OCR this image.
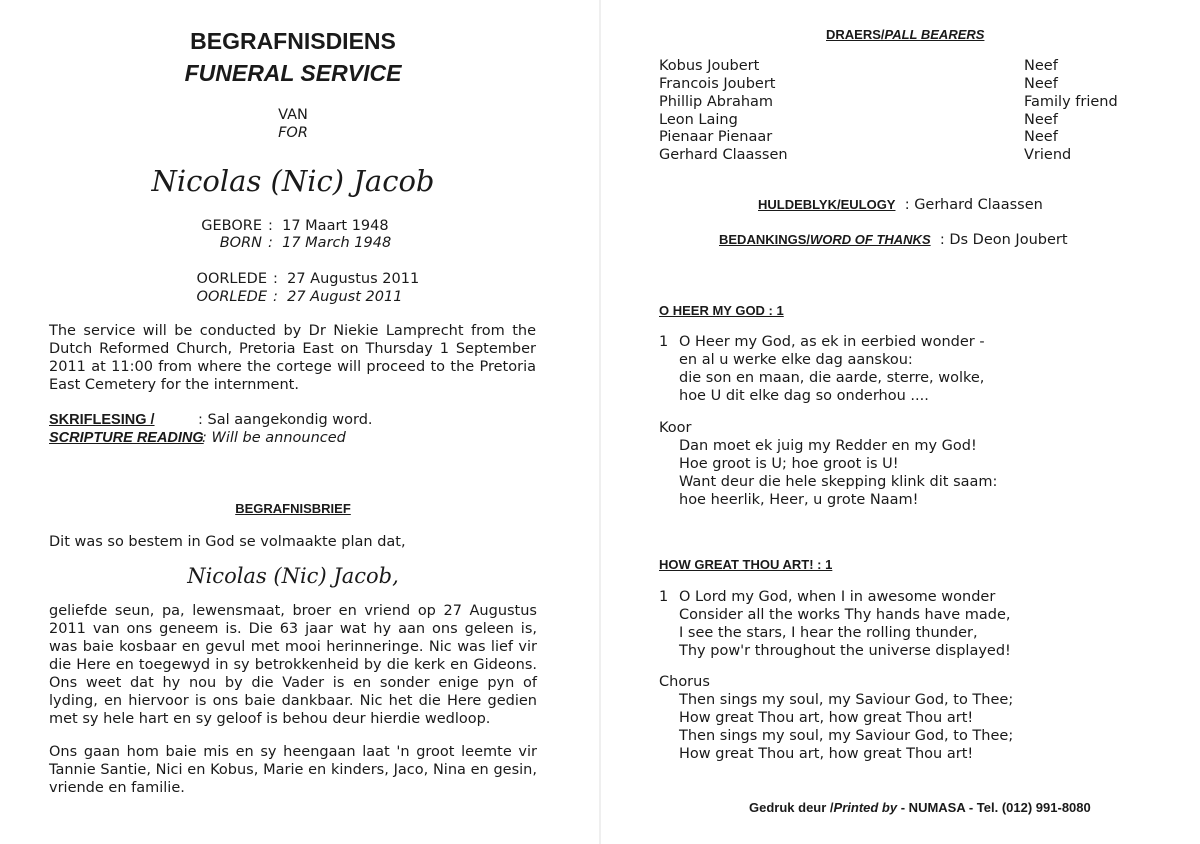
BEGRAFNISDIENS
FUNERAL SERVICE
VAN
FOR
Nicolas (Nic) Jacob
GEBORE :  17 Maart 1948
BORN :  17 March 1948
OORLEDE :  27 Augustus 2011
OORLEDE :  27 August 2011
The service will be conducted by Dr Niekie Lamprecht from the Dutch Reformed Church, Pretoria East on Thursday 1 September 2011 at 11:00 from where the cortege will proceed to the Pretoria East Cemetery for the internment.
SKRIFLESING /	: Sal aangekondig word.
SCRIPTURE READING
: Will be announced
BEGRAFNISBRIEF
Dit was so bestem in God se volmaakte plan dat,
Nicolas (Nic) Jacob,
geliefde seun, pa, lewensmaat, broer en vriend op 27 Augustus 2011 van ons geneem is. Die 63 jaar wat hy aan ons geleen is, was baie kosbaar en gevul met mooi herinneringe. Nic was lief vir die Here en toegewyd in sy betrokkenheid by die kerk en Gideons. Ons weet dat hy nou by die Vader is en sonder enige pyn of lyding, en hiervoor is ons baie dankbaar. Nic het die Here gedien met sy hele hart en sy geloof is behou deur hierdie wedloop.
Ons gaan hom baie mis en sy heengaan laat 'n groot leemte vir Tannie Santie, Nici en Kobus, Marie en kinders, Jaco, Nina en gesin, vriende en familie.
DRAERS/PALL BEARERS
Kobus Joubert	Neef
Francois Joubert	Neef
Phillip Abraham	Family friend
Leon Laing	Neef
Pienaar Pienaar	Neef
Gerhard Claassen	Vriend
HULDEBLYK/EULOGY : Gerhard Claassen
BEDANKINGS/WORD OF THANKS : Ds Deon Joubert
O HEER MY GOD : 1
1 O Heer my God, as ek in eerbied wonder -
en al u werke elke dag aanskou:
die son en maan, die aarde, sterre, wolke,
hoe U dit elke dag so onderhou ....
Koor
Dan moet ek juig my Redder en my God!
Hoe groot is U; hoe groot is U!
Want deur die hele skepping klink dit saam:
hoe heerlik, Heer, u grote Naam!
HOW GREAT THOU ART! : 1
1 O Lord my God, when I in awesome wonder
Consider all the works Thy hands have made,
I see the stars, I hear the rolling thunder,
Thy pow'r throughout the universe displayed!
Chorus
Then sings my soul, my Saviour God, to Thee;
How great Thou art, how great Thou art!
Then sings my soul, my Saviour God, to Thee;
How great Thou art, how great Thou art!
Gedruk deur /Printed by - NUMASA - Tel. (012) 991-8080
